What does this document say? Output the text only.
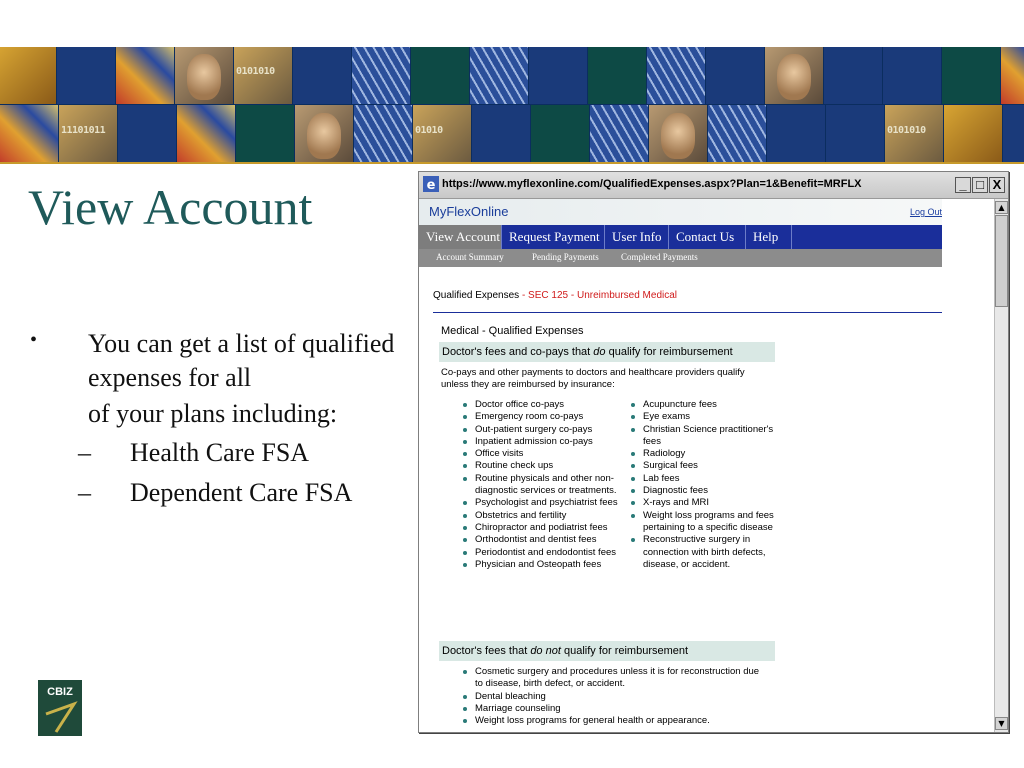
0101010
11101011	01010	0101010
View Account
• You can get a list of qualified expenses for all
of your plans including:
– Health Care FSA
– Dependent Care FSA
CBIZ
e https://www.myflexonline.com/QualifiedExpenses.aspx?Plan=1&Benefit=MRFLX	_ □ X
MyFlexOnline	Log Out
View Account Request Payment User Info	Contact Us	Help
Account Summary	Pending Payments Completed Payments
Qualified Expenses - SEC 125 - Unreimbursed Medical
Medical - Qualified Expenses
Doctor's fees and co-pays that do qualify for reimbursement
Co-pays and other payments to doctors and healthcare providers qualify unless they are reimbursed by insurance:
Doctor office co-pays
Emergency room co-pays
Out-patient surgery co-pays
Inpatient admission co-pays
Office visits
Routine check ups
Routine physicals and other non-diagnostic services or treatments.
Psychologist and psychiatrist fees
Obstetrics and fertility
Chiropractor and podiatrist fees
Orthodontist and dentist fees
Periodontist and endodontist fees
Physician and Osteopath fees
Acupuncture fees
Eye exams
Christian Science practitioner's fees
Radiology
Surgical fees
Lab fees
Diagnostic fees
X-rays and MRI
Weight loss programs and fees pertaining to a specific disease
Reconstructive surgery in connection with birth defects, disease, or accident.
Doctor's fees that do not qualify for reimbursement
Cosmetic surgery and procedures unless it is for reconstruction due to disease, birth defect, or accident.
Dental bleaching
Marriage counseling
Weight loss programs for general health or appearance.
▲
▼
